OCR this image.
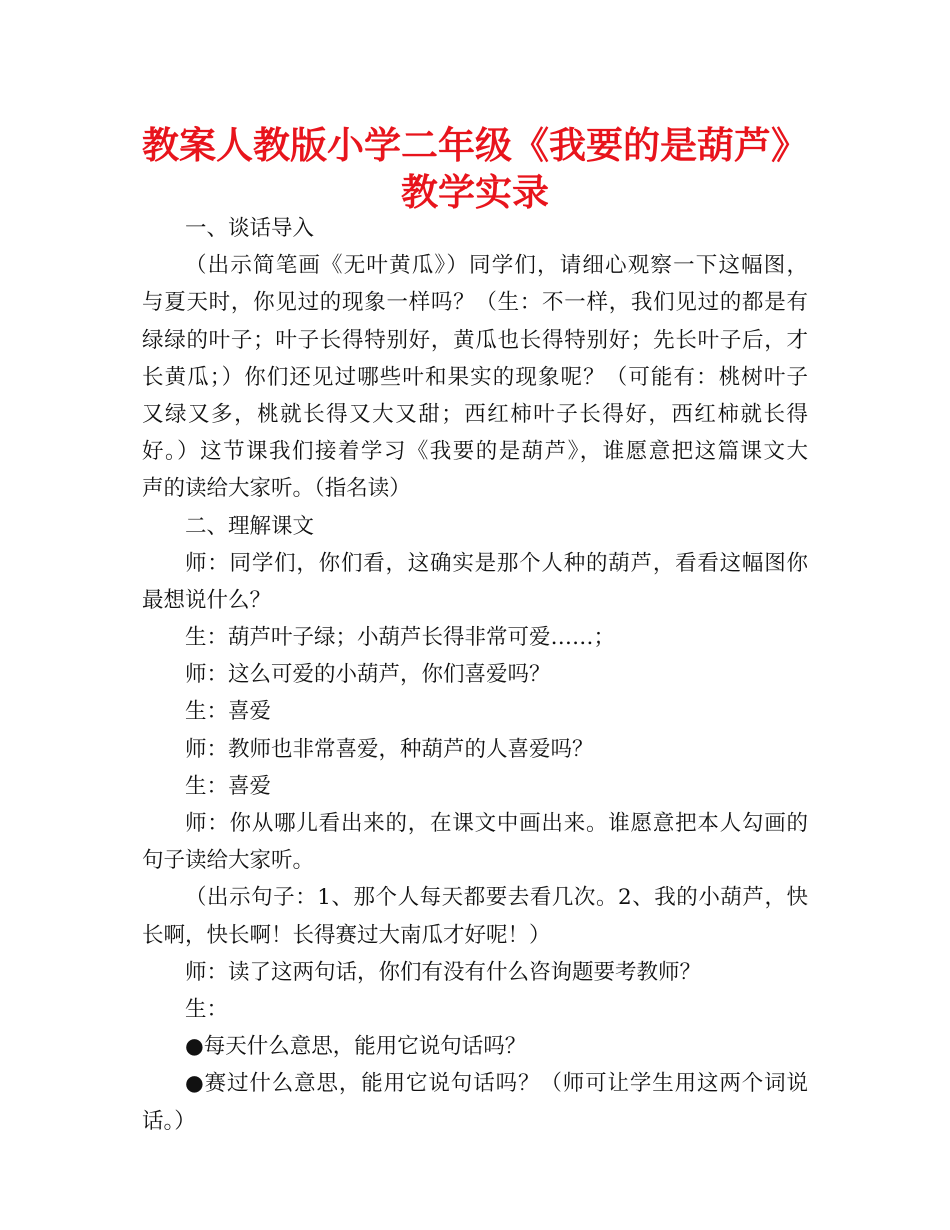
教案人教版小学二年级《我要的是葫芦》
教学实录
一、谈话导入
（出示简笔画《无叶黄瓜》）同学们，请细心观察一下这幅图，
与夏天时，你见过的现象一样吗？（生：不一样，我们见过的都是有
绿绿的叶子；叶子长得特别好，黄瓜也长得特别好；先长叶子后，才
长黄瓜；）你们还见过哪些叶和果实的现象呢？（可能有：桃树叶子
又绿又多，桃就长得又大又甜；西红柿叶子长得好，西红柿就长得
好。）这节课我们接着学习《我要的是葫芦》，谁愿意把这篇课文大
声的读给大家听。（指名读）
二、理解课文
师：同学们，你们看，这确实是那个人种的葫芦，看看这幅图你
最想说什么？
生：葫芦叶子绿；小葫芦长得非常可爱……；
师：这么可爱的小葫芦，你们喜爱吗？
生：喜爱
师：教师也非常喜爱，种葫芦的人喜爱吗？
生：喜爱
师：你从哪儿看出来的，在课文中画出来。谁愿意把本人勾画的
句子读给大家听。
（出示句子：1、那个人每天都要去看几次。2、我的小葫芦，快
长啊，快长啊！长得赛过大南瓜才好呢！）
师：读了这两句话，你们有没有什么咨询题要考教师？
生：
●每天什么意思，能用它说句话吗？
●赛过什么意思，能用它说句话吗？（师可让学生用这两个词说
话。）
